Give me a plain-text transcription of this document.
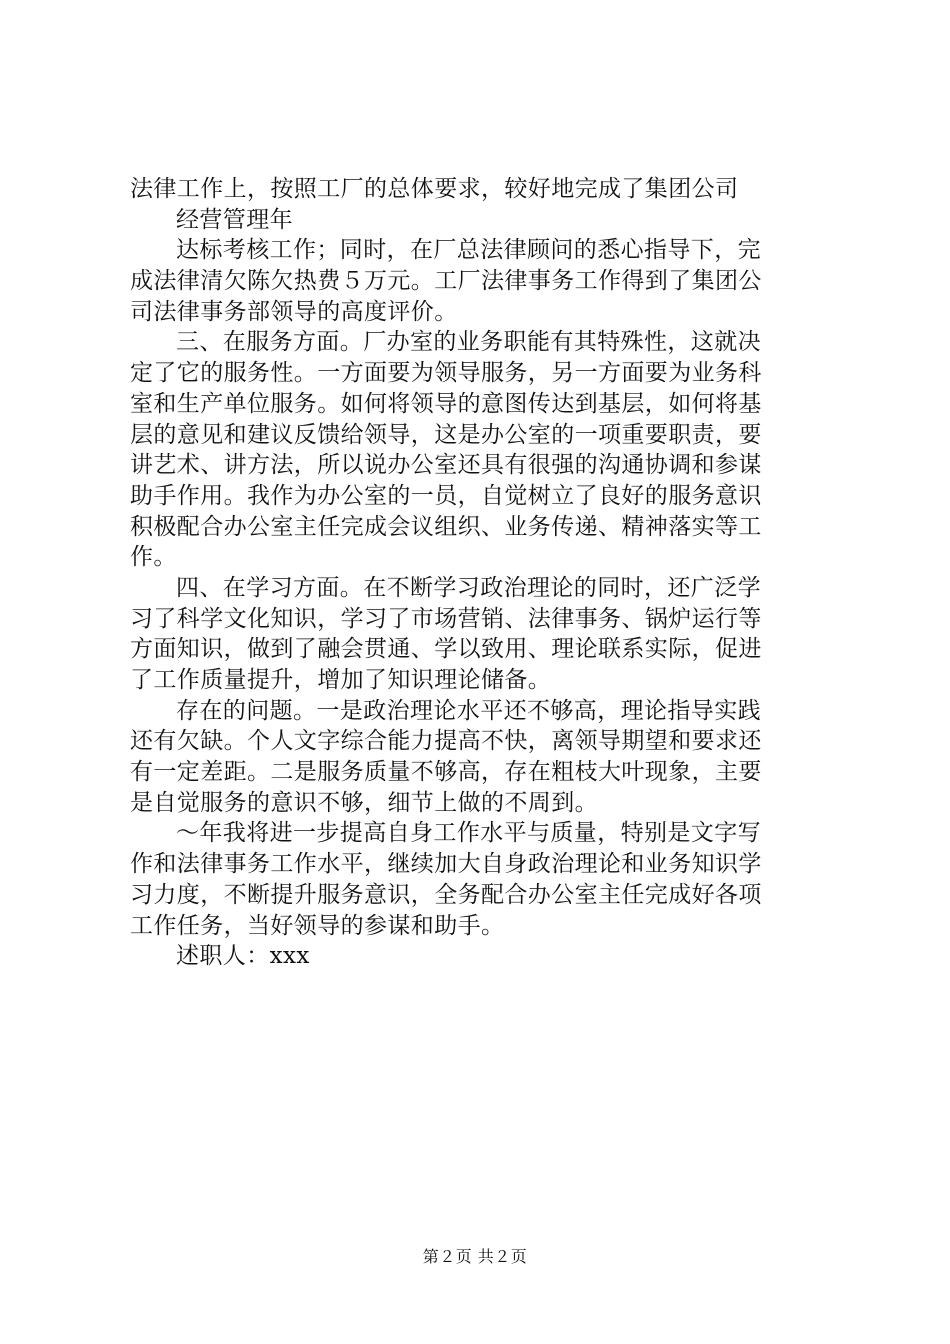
法律工作上，按照工厂的总体要求，较好地完成了集团公司
经营管理年
达标考核工作；同时，在厂总法律顾问的悉心指导下，完
成法律清欠陈欠热费５万元。工厂法律事务工作得到了集团公
司法律事务部领导的高度评价。
三、在服务方面。厂办室的业务职能有其特殊性，这就决
定了它的服务性。一方面要为领导服务，另一方面要为业务科
室和生产单位服务。如何将领导的意图传达到基层，如何将基
层的意见和建议反馈给领导，这是办公室的一项重要职责，要
讲艺术、讲方法，所以说办公室还具有很强的沟通协调和参谋
助手作用。我作为办公室的一员，自觉树立了良好的服务意识
积极配合办公室主任完成会议组织、业务传递、精神落实等工
作。
四、在学习方面。在不断学习政治理论的同时，还广泛学
习了科学文化知识，学习了市场营销、法律事务、锅炉运行等
方面知识，做到了融会贯通、学以致用、理论联系实际，促进
了工作质量提升，增加了知识理论储备。
存在的问题。一是政治理论水平还不够高，理论指导实践
还有欠缺。个人文字综合能力提高不快，离领导期望和要求还
有一定差距。二是服务质量不够高，存在粗枝大叶现象，主要
是自觉服务的意识不够，细节上做的不周到。
～年我将进一步提高自身工作水平与质量，特别是文字写
作和法律事务工作水平，继续加大自身政治理论和业务知识学
习力度，不断提升服务意识，全务配合办公室主任完成好各项
工作任务，当好领导的参谋和助手。
述职人：xxx
第２页 共２页
